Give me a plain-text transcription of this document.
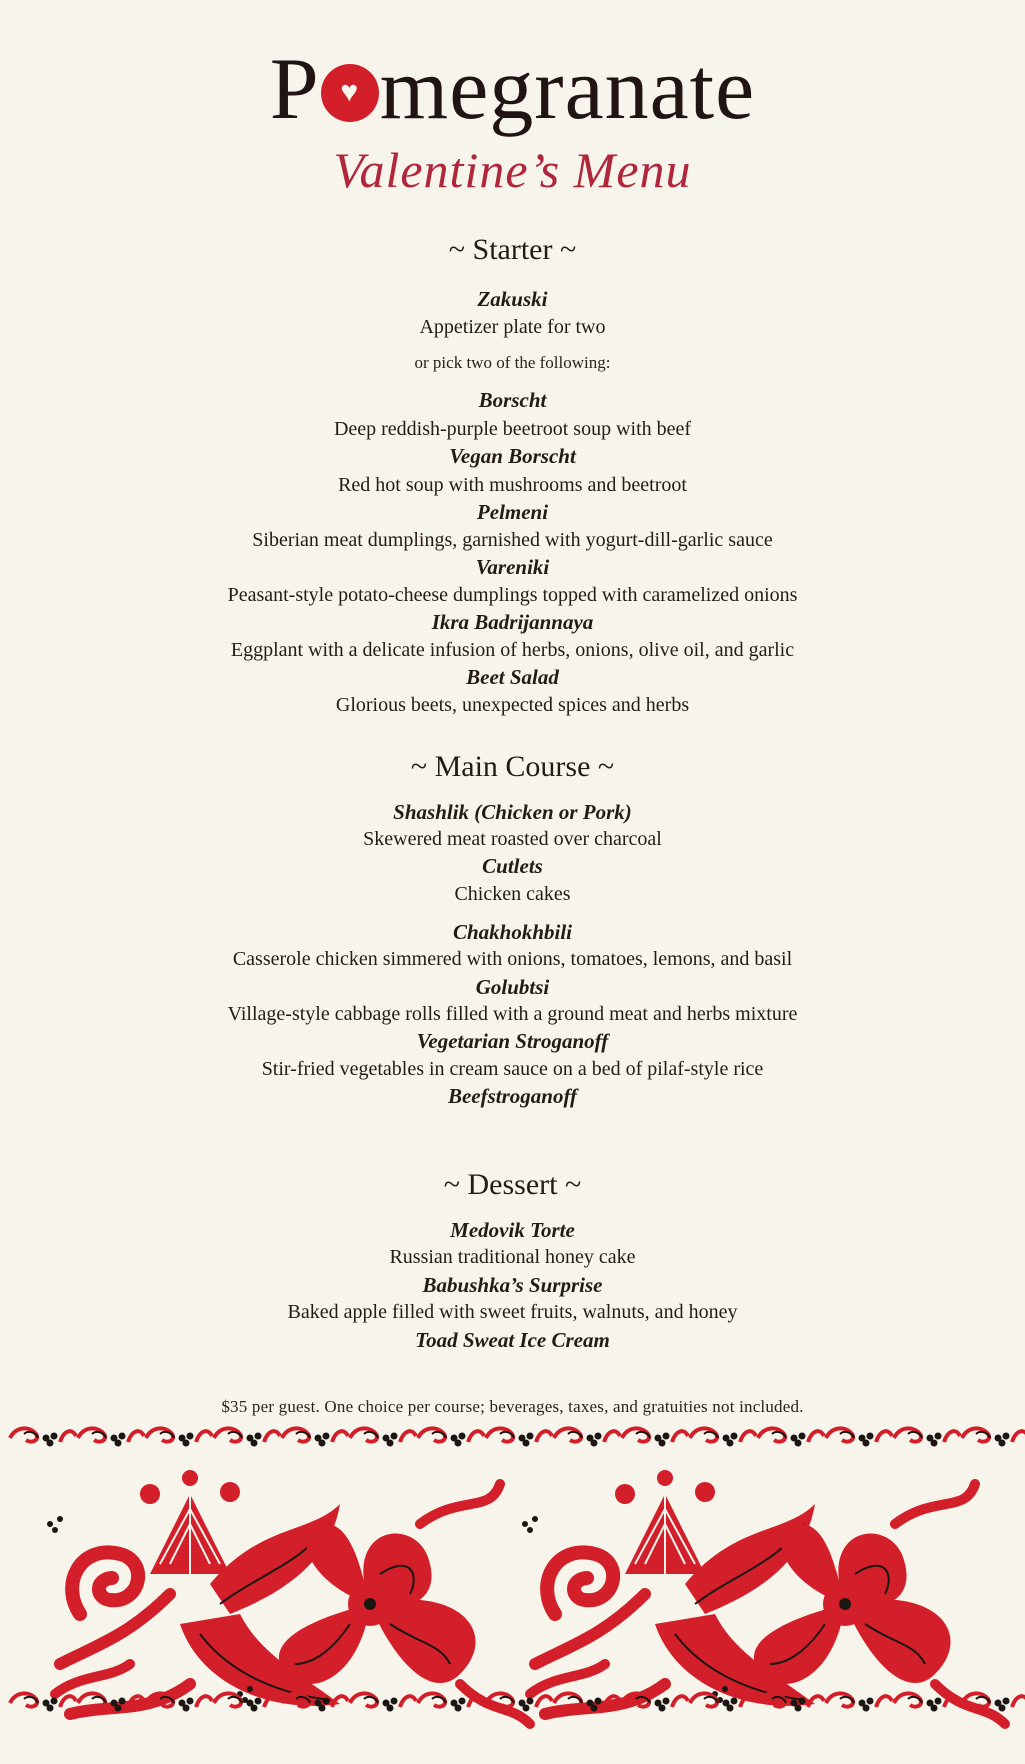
P ♥ megranate
Valentine’s Menu
~ Starter ~
Zakuski
Appetizer plate for two
or pick two of the following:
Borscht
Deep reddish-purple beetroot soup with beef
Vegan Borscht
Red hot soup with mushrooms and beetroot
Pelmeni
Siberian meat dumplings, garnished with yogurt-dill-garlic sauce
Vareniki
Peasant-style potato-cheese dumplings topped with caramelized onions
Ikra Badrijannaya
Eggplant with a delicate infusion of herbs, onions, olive oil, and garlic
Beet Salad
Glorious beets, unexpected spices and herbs
~ Main Course ~
Shashlik (Chicken or Pork)
Skewered meat roasted over charcoal
Cutlets
Chicken cakes
Chakhokhbili
Casserole chicken simmered with onions, tomatoes, lemons, and basil
Golubtsi
Village-style cabbage rolls filled with a ground meat and herbs mixture
Vegetarian Stroganoff
Stir-fried vegetables in cream sauce on a bed of pilaf-style rice
Beefstroganoff
~ Dessert ~
Medovik Torte
Russian traditional honey cake
Babushka’s Surprise
Baked apple filled with sweet fruits, walnuts, and honey
Toad Sweat Ice Cream
$35 per guest. One choice per course; beverages, taxes, and gratuities not included.
